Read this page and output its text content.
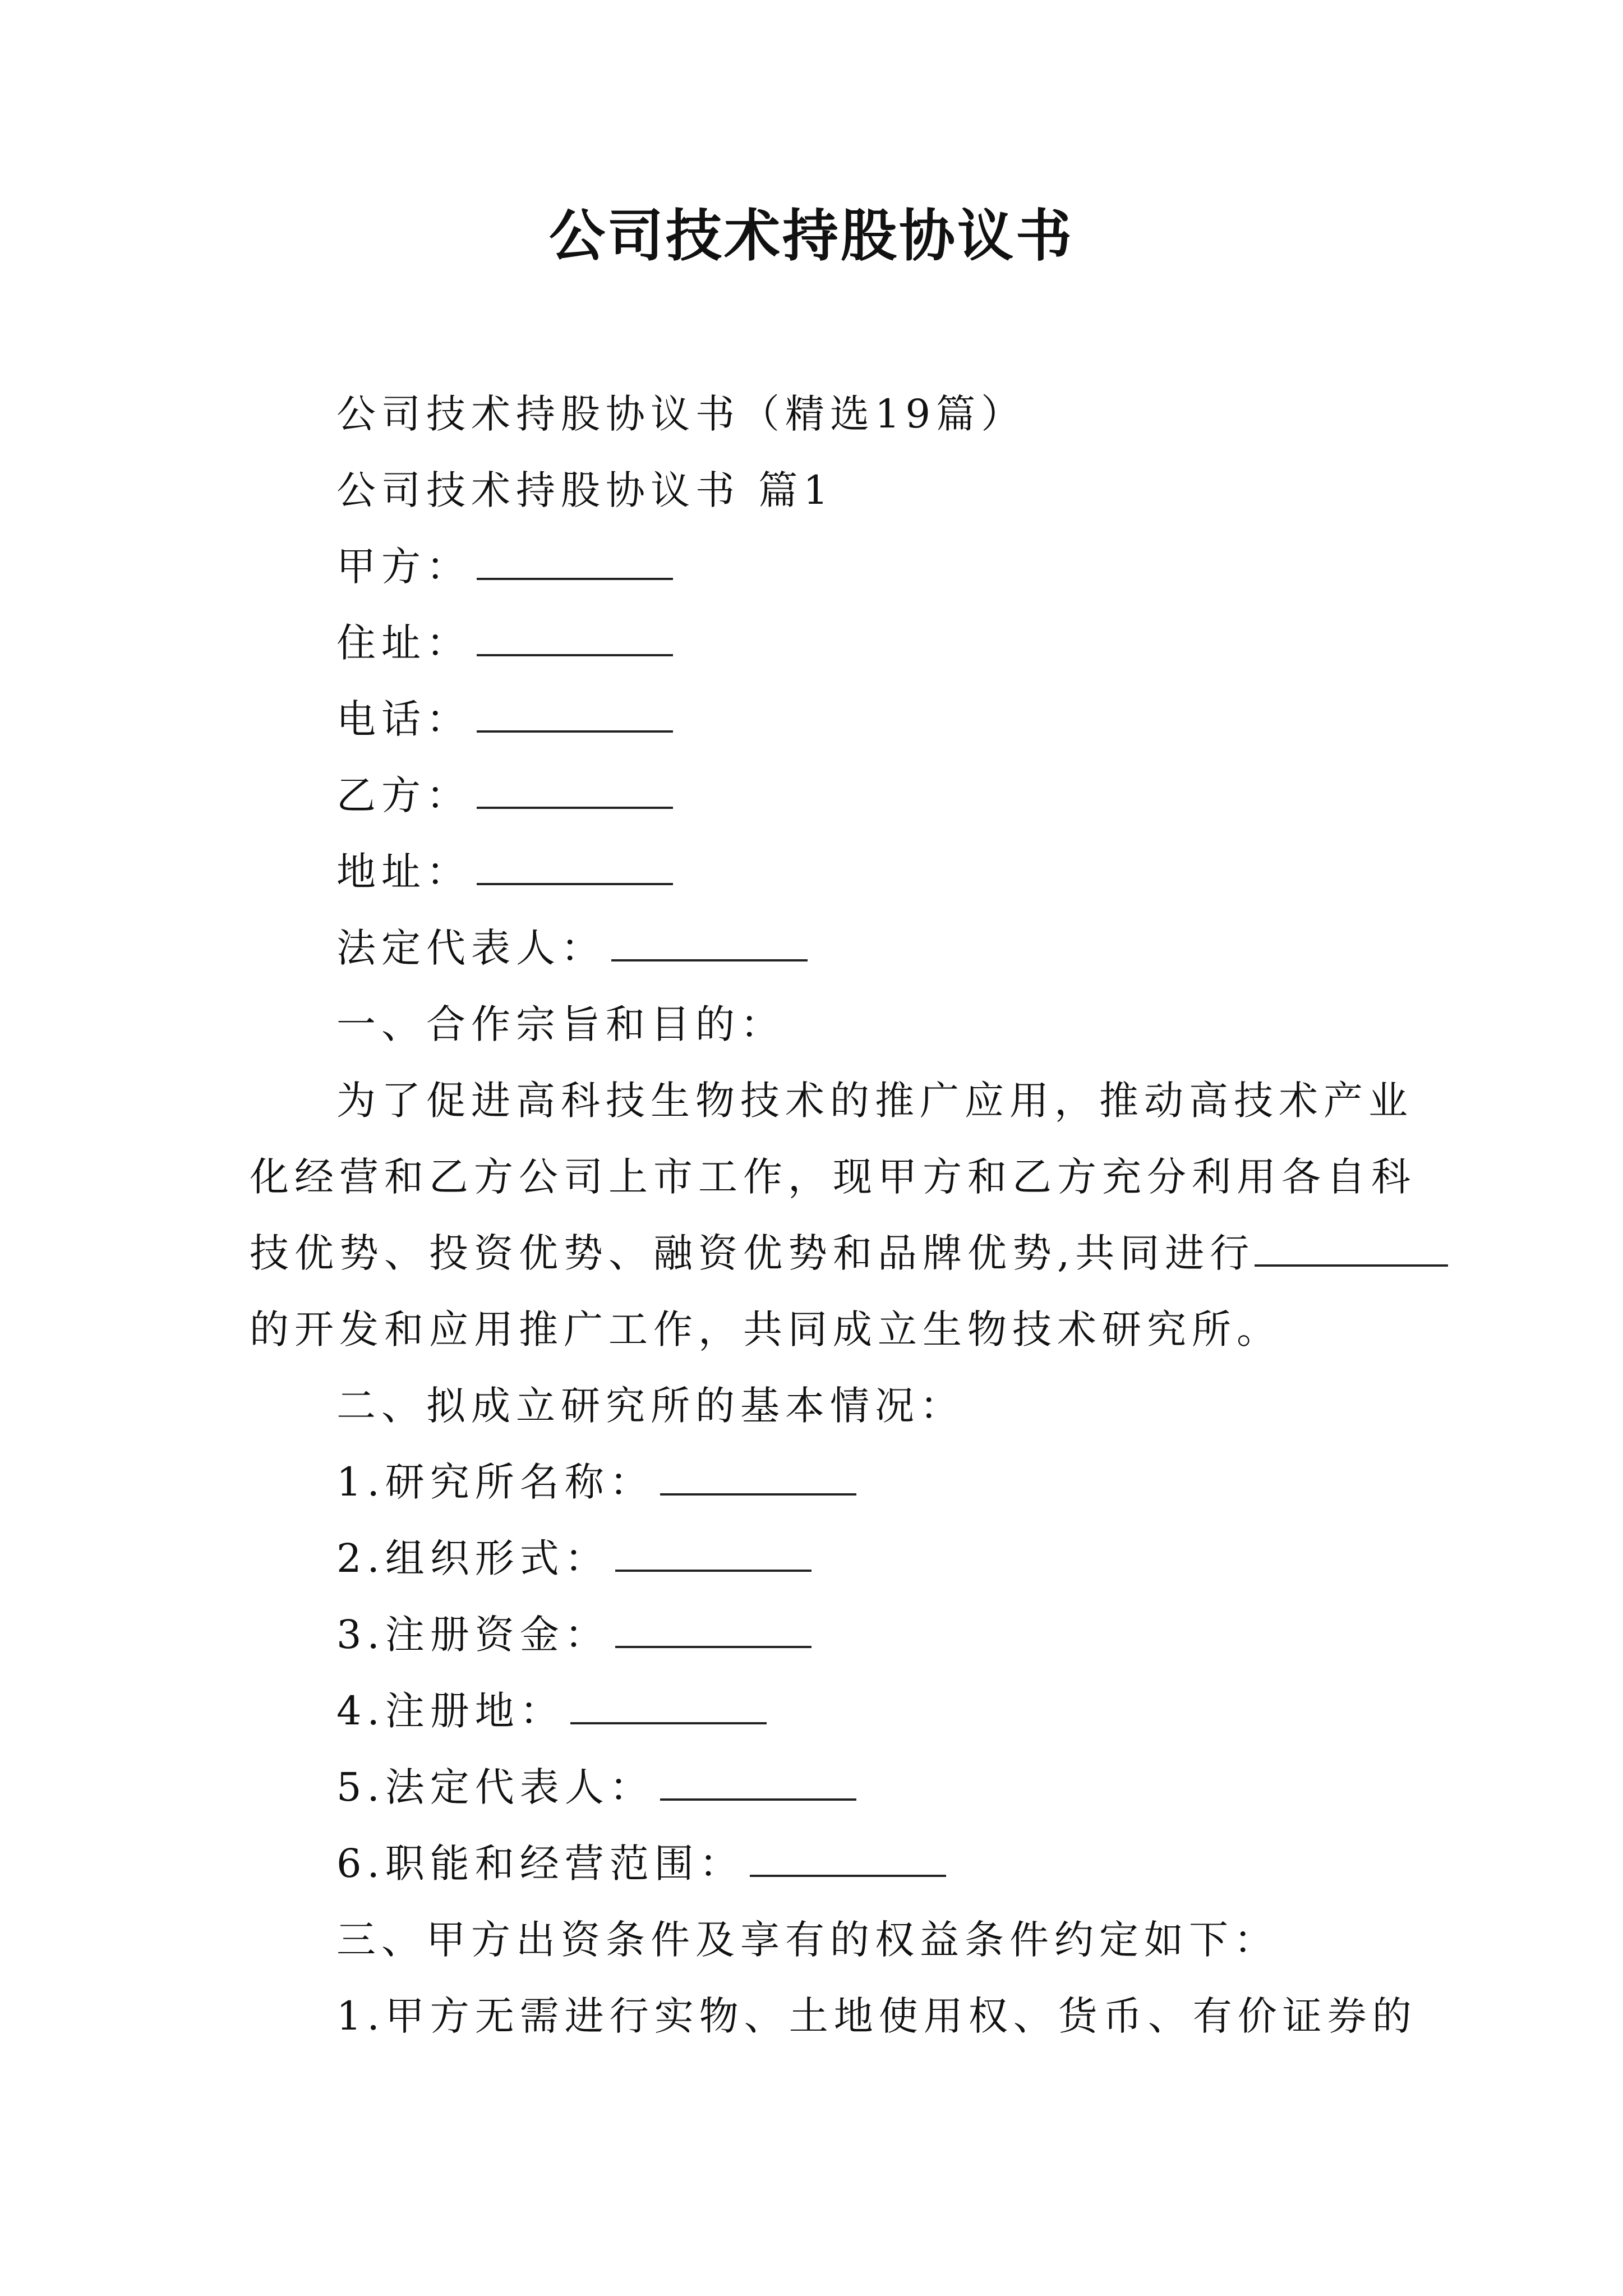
公司技术持股协议书
公司技术持股协议书（精选19篇）
公司技术持股协议书 篇1
甲方：
住址：
电话：
乙方：
地址：
法定代表人：
一、合作宗旨和目的：
为了促进高科技生物技术的推广应用，推动高技术产业
化经营和乙方公司上市工作，现甲方和乙方充分利用各自科
技优势、投资优势、融资优势和品牌优势,共同进行
的开发和应用推广工作，共同成立生物技术研究所。
二、拟成立研究所的基本情况：
1.研究所名称：
2.组织形式：
3.注册资金：
4.注册地：
5.法定代表人：
6.职能和经营范围：
三、甲方出资条件及享有的权益条件约定如下：
1.甲方无需进行实物、土地使用权、货币、有价证券的
